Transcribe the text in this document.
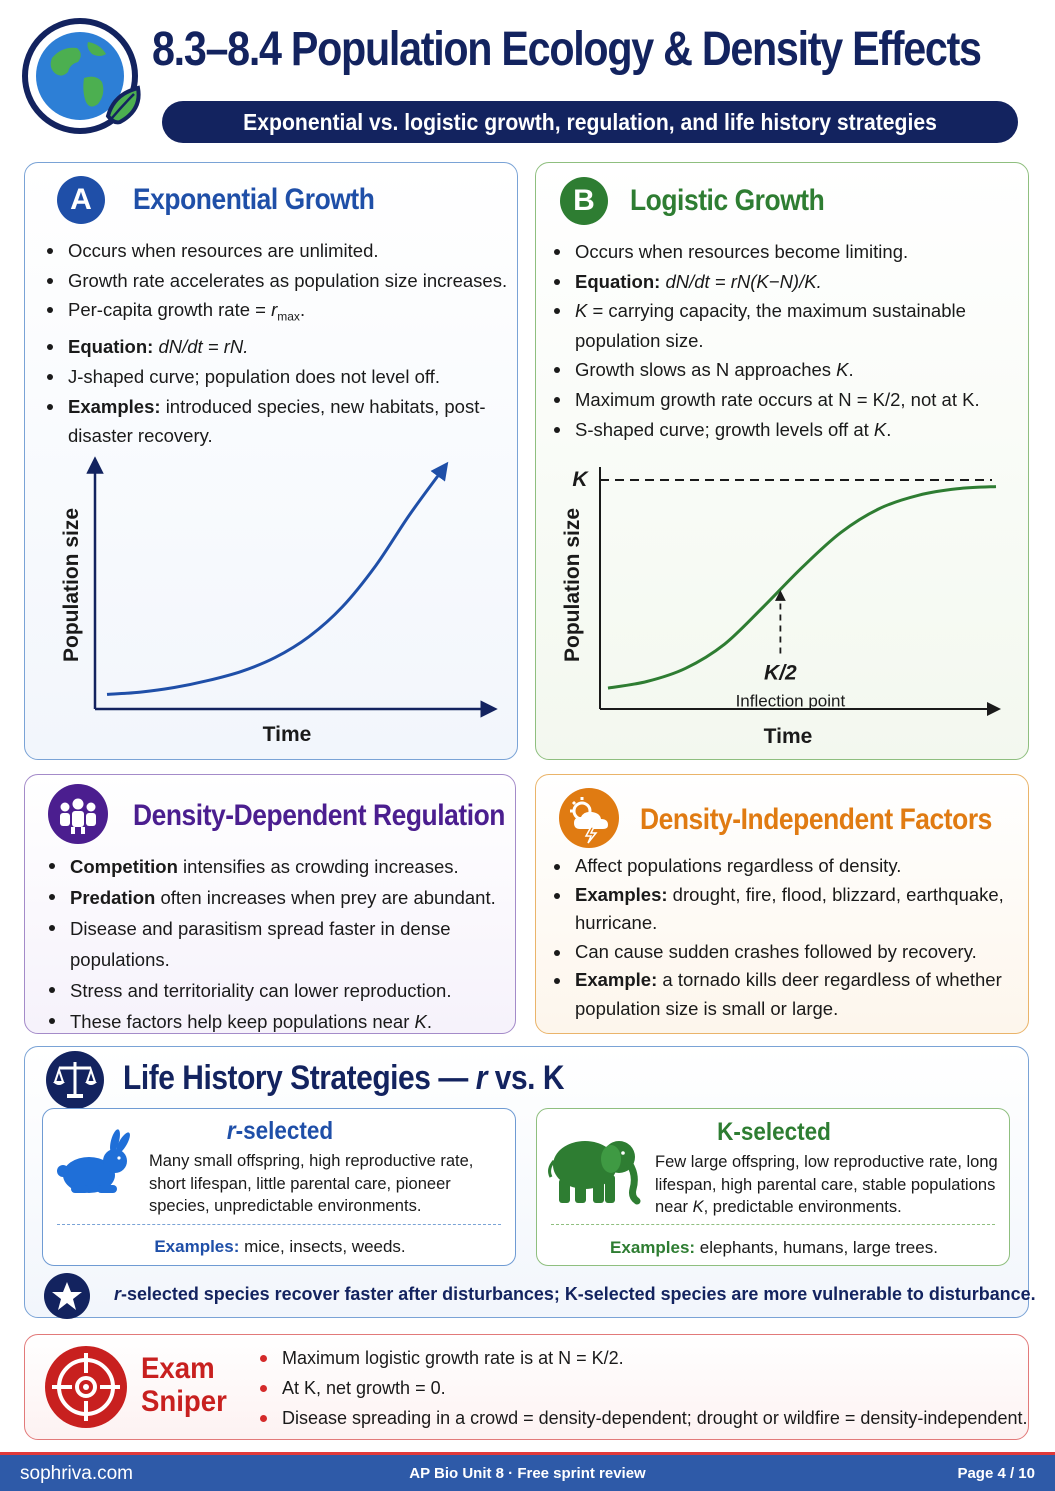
8.3–8.4 Population Ecology & Density Effects
Exponential vs. logistic growth, regulation, and life history strategies
A	Exponential Growth
Occurs when resources are unlimited.
Growth rate accelerates as population size increases.
Per-capita growth rate = $r_{max}$.
Equation: dN/dt = rN.
J-shaped curve; population does not level off.
Examples: introduced species, new habitats, post-disaster recovery.
Time
Population size
B	Logistic Growth
Occurs when resources become limiting.
Equation: dN/dt = rN(K−N)/K.
K = carrying capacity, the maximum sustainable population size.
Growth slows as N approaches K.
Maximum growth rate occurs at N = K/2, not at K.
S-shaped curve; growth levels off at K.
K
K/2
Inflection point
Time
Population size
Density-Dependent Regulation
Competition intensifies as crowding increases.
Predation often increases when prey are abundant.
Disease and parasitism spread faster in dense populations.
Stress and territoriality can lower reproduction.
These factors help keep populations near K.
Density-Independent Factors
Affect populations regardless of density.
Examples: drought, fire, flood, blizzard, earthquake, hurricane.
Can cause sudden crashes followed by recovery.
Example: a tornado kills deer regardless of whether population size is small or large.
Life History Strategies — r vs. K
r-selected
Many small offspring, high reproductive rate, short lifespan, little parental care, pioneer species, unpredictable environments.
Examples: mice, insects, weeds.
K-selected
Few large offspring, low reproductive rate, long lifespan, high parental care, stable populations near K, predictable environments.
Examples: elephants, humans, large trees.
r-selected species recover faster after disturbances; K-selected species are more vulnerable to disturbance.
Exam
Sniper
Maximum logistic growth rate is at N = K/2.
At K, net growth = 0.
Disease spreading in a crowd = density-dependent; drought or wildfire = density-independent.
sophriva.com	AP Bio Unit 8 · Free sprint review	Page 4 / 10
